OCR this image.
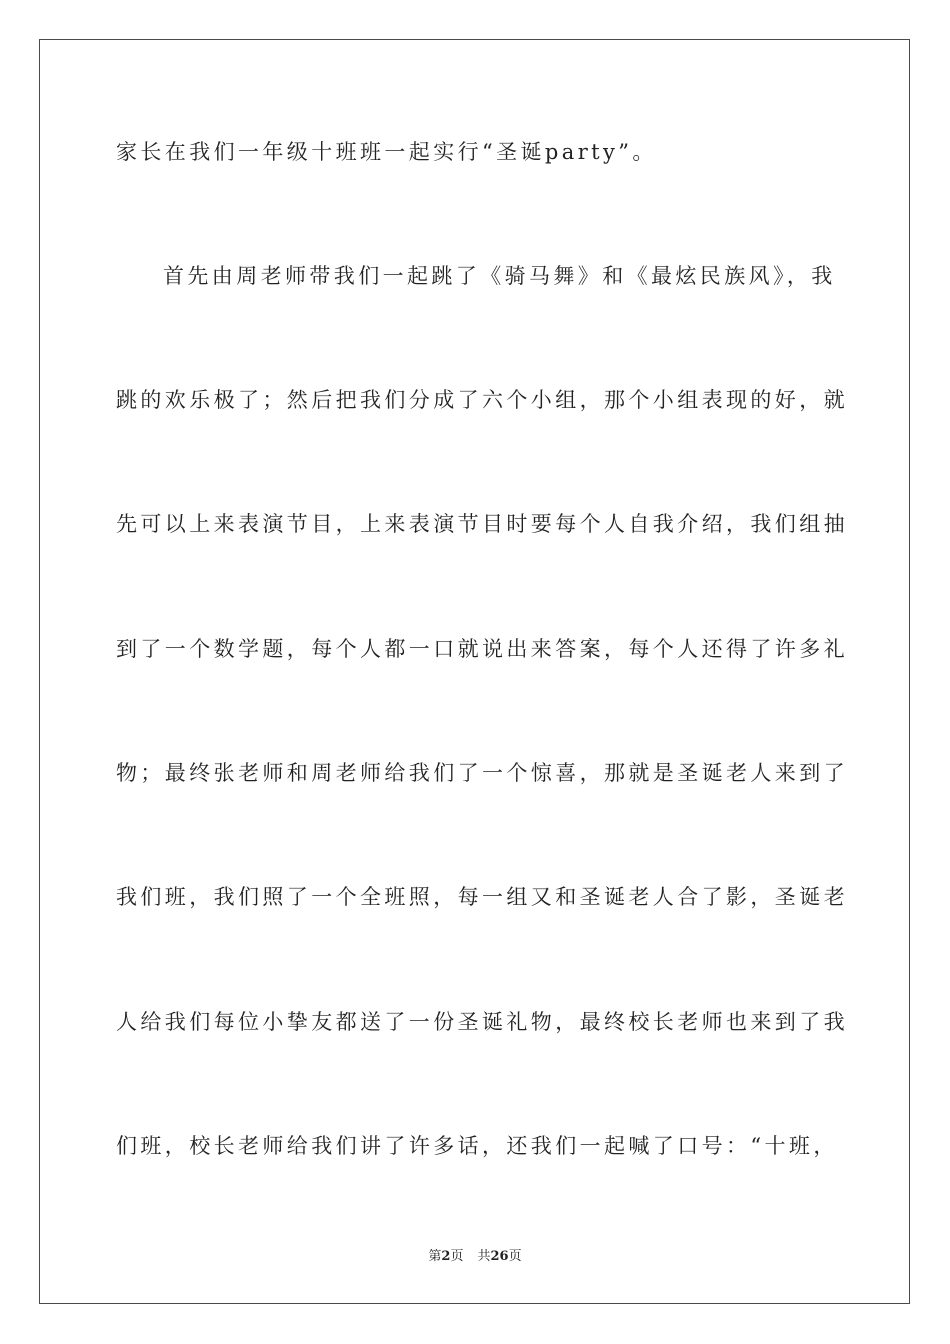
家长在我们一年级十班班一起实行“圣诞party”。
首先由周老师带我们一起跳了《骑马舞》和《最炫民族风》，我
跳的欢乐极了；然后把我们分成了六个小组，那个小组表现的好，就
先可以上来表演节目，上来表演节目时要每个人自我介绍，我们组抽
到了一个数学题，每个人都一口就说出来答案，每个人还得了许多礼
物；最终张老师和周老师给我们了一个惊喜，那就是圣诞老人来到了
我们班，我们照了一个全班照，每一组又和圣诞老人合了影，圣诞老
人给我们每位小挚友都送了一份圣诞礼物，最终校长老师也来到了我
们班，校长老师给我们讲了许多话，还我们一起喊了口号：“十班，
第2页 共26页
